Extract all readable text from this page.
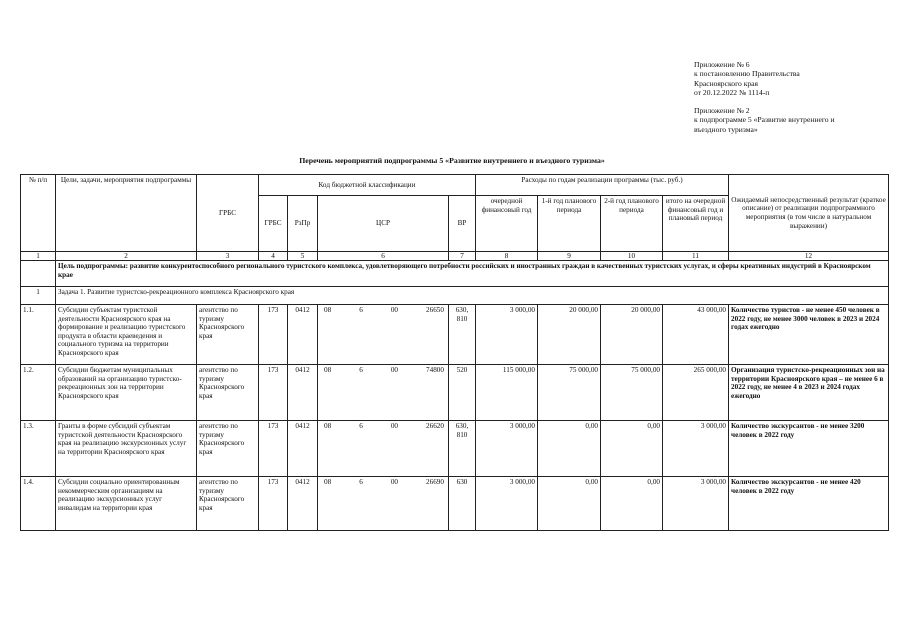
Приложение № 6
к постановлению Правительства
Красноярского края
от 20.12.2022 № 1114-п
Приложение № 2
к подпрограмме 5 «Развитие внутреннего и
въездного туризма»
Перечень мероприятий подпрограммы 5 «Развитие внутреннего и въездного туризма»
№ п/п	Цели, задачи, мероприятия подпрограммы	ГРБС	Код бюджетной классификации				Расходы по годам реализации программы (тыс. руб.)				Ожидаемый непосредственный результат (краткое описание) от реализации подпрограммного мероприятия (в том числе в натуральном выражении)
			ГРБС	РзПр	ЦСР	ВР	очередной финансовый год	1-й год планового периода	2-й год планового периода	итого на очередной финансовый год и плановый период	
1	2	3	4	5	6	7	8	9	10	11	12
	Цель подпрограммы: развитие конкурентоспособного регионального туристского комплекса, удовлетворяющего потребности российских и иностранных граждан в качественных туристских услугах, и сферы креативных индустрий в Красноярском крае										
1	Задача 1. Развитие туристско-рекреационного комплекса Красноярского края										
1.1.	Субсидии субъектам туристской деятельности Красноярского края на формирование и реализацию туристского продукта в области краеведения и социального туризма на территории Красноярского края	агентство по туризму Красноярского края	173	0412	08 6 00 26650	630, 810	3 000,00	20 000,00	20 000,00	43 000,00	Количество туристов - не менее 450 человек в 2022 году, не менее 3000 человек в 2023 и 2024 годах ежегодно
1.2.	Субсидии бюджетам муниципальных образований на организацию туристско-рекреационных зон на территории Красноярского края	агентство по туризму Красноярского края	173	0412	08 6 00 74800	520	115 000,00	75 000,00	75 000,00	265 000,00	Организация туристско-рекреационных зон на территории Красноярского края – не менее 6 в 2022 году, не менее 4 в 2023 и 2024 годах ежегодно
1.3.	Гранты в форме субсидий субъектам туристской деятельности Красноярского края на реализацию экскурсионных услуг на территории Красноярского края	агентство по туризму Красноярского края	173	0412	08 6 00 26620	630, 810	3 000,00	0,00	0,00	3 000,00	Количество экскурсантов - не менее 3200 человек в 2022 году
1.4.	Субсидии социально ориентированным некоммерческим организациям на реализацию экскурсионных услуг инвалидам на территории края	агентство по туризму Красноярского края	173	0412	08 6 00 26690	630	3 000,00	0,00	0,00	3 000,00	Количество экскурсантов - не менее 420 человек в 2022 году
